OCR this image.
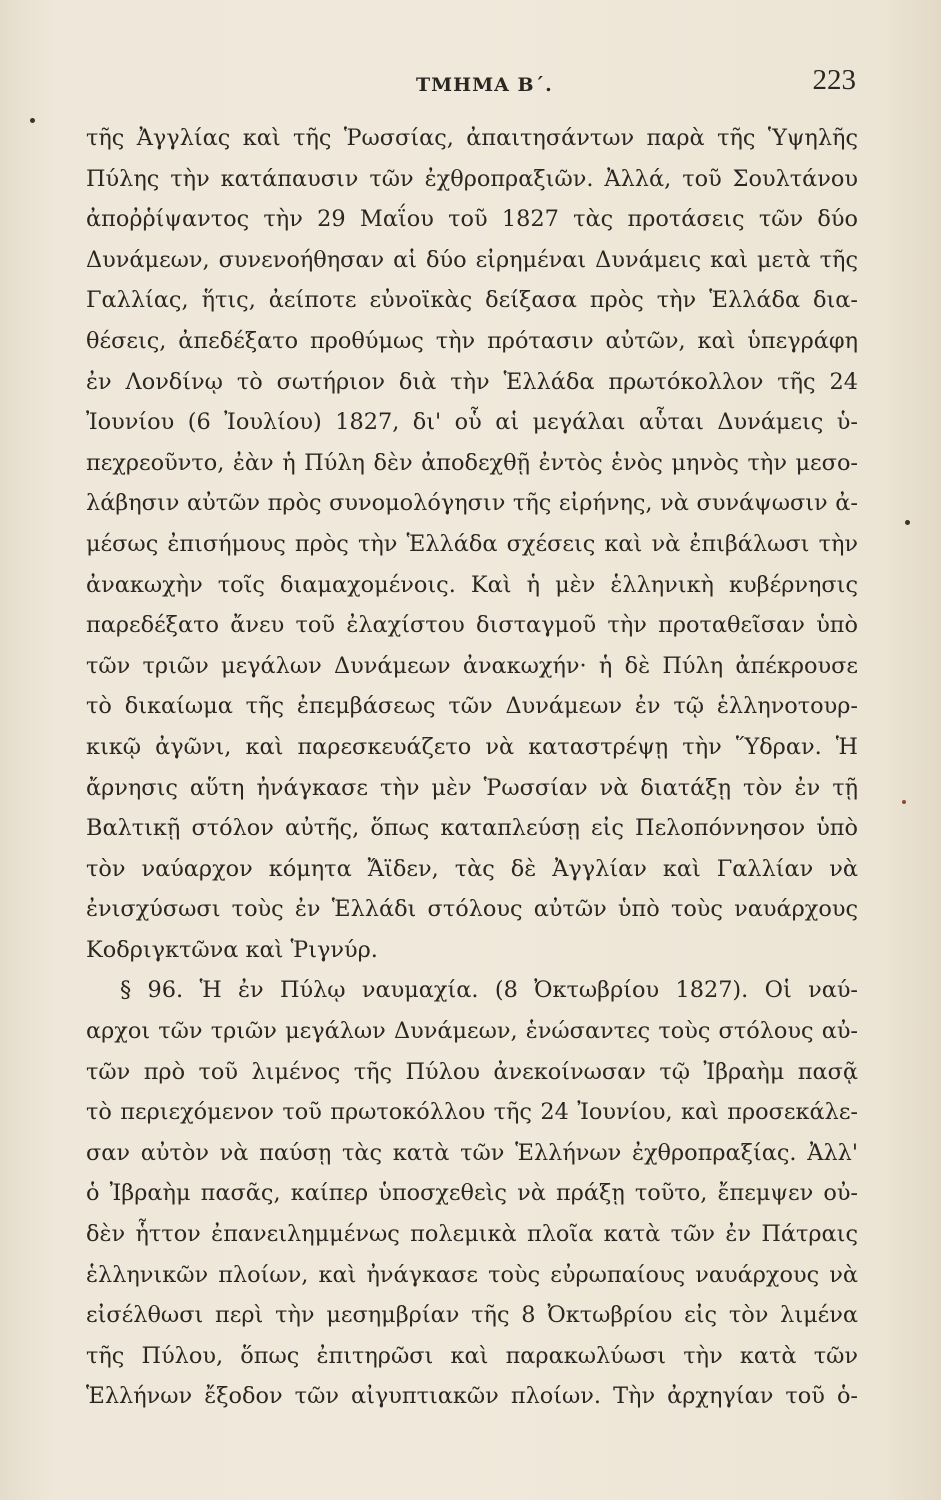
ΤΜΗΜΑ Β΄.	223
τῆς Ἀγγλίας καὶ τῆς Ῥωσσίας, ἀπαιτησάντων παρὰ τῆς Ὑψηλῆς
Πύλης τὴν κατάπαυσιν τῶν ἐχθροπραξιῶν. Ἀλλά, τοῦ Σουλτάνου
ἀποῤῥίψαντος τὴν 29 Μαΐου τοῦ 1827 τὰς προτάσεις τῶν δύο
Δυνάμεων, συνενοήθησαν αἱ δύο εἰρημέναι Δυνάμεις καὶ μετὰ τῆς
Γαλλίας, ἥτις, ἀείποτε εὐνοϊκὰς δείξασα πρὸς τὴν Ἑλλάδα δια-
θέσεις, ἀπεδέξατο προθύμως τὴν πρότασιν αὐτῶν, καὶ ὑπεγράφη
ἐν Λονδίνῳ τὸ σωτήριον διὰ τὴν Ἑλλάδα πρωτόκολλον τῆς 24
Ἰουνίου (6 Ἰουλίου) 1827, δι' οὗ αἱ μεγάλαι αὗται Δυνάμεις ὑ-
πεχρεοῦντο, ἐὰν ἡ Πύλη δὲν ἀποδεχθῇ ἐντὸς ἑνὸς μηνὸς τὴν μεσο-
λάβησιν αὐτῶν πρὸς συνομολόγησιν τῆς εἰρήνης, νὰ συνάψωσιν ἀ-
μέσως ἐπισήμους πρὸς τὴν Ἑλλάδα σχέσεις καὶ νὰ ἐπιβάλωσι τὴν
ἀνακωχὴν τοῖς διαμαχομένοις. Καὶ ἡ μὲν ἑλληνικὴ κυβέρνησις
παρεδέξατο ἄνευ τοῦ ἐλαχίστου δισταγμοῦ τὴν προταθεῖσαν ὑπὸ
τῶν τριῶν μεγάλων Δυνάμεων ἀνακωχήν· ἡ δὲ Πύλη ἀπέκρουσε
τὸ δικαίωμα τῆς ἐπεμβάσεως τῶν Δυνάμεων ἐν τῷ ἑλληνοτουρ-
κικῷ ἀγῶνι, καὶ παρεσκευάζετο νὰ καταστρέψῃ τὴν Ὕδραν. Ἡ
ἄρνησις αὕτη ἠνάγκασε τὴν μὲν Ῥωσσίαν νὰ διατάξῃ τὸν ἐν τῇ
Βαλτικῇ στόλον αὐτῆς, ὅπως καταπλεύσῃ εἰς Πελοπόννησον ὑπὸ
τὸν ναύαρχον κόμητα Ἄϊδεν, τὰς δὲ Ἀγγλίαν καὶ Γαλλίαν νὰ
ἐνισχύσωσι τοὺς ἐν Ἑλλάδι στόλους αὐτῶν ὑπὸ τοὺς ναυάρχους
Κοδριγκτῶνα καὶ Ῥιγνύρ.
§ 96. Ἡ ἐν Πύλῳ ναυμαχία. (8 Ὀκτωβρίου 1827). Οἱ ναύ-
αρχοι τῶν τριῶν μεγάλων Δυνάμεων, ἑνώσαντες τοὺς στόλους αὐ-
τῶν πρὸ τοῦ λιμένος τῆς Πύλου ἀνεκοίνωσαν τῷ Ἰβραὴμ πασᾷ
τὸ περιεχόμενον τοῦ πρωτοκόλλου τῆς 24 Ἰουνίου, καὶ προσεκάλε-
σαν αὐτὸν νὰ παύσῃ τὰς κατὰ τῶν Ἑλλήνων ἐχθροπραξίας. Ἀλλ'
ὁ Ἰβραὴμ πασᾶς, καίπερ ὑποσχεθεὶς νὰ πράξῃ τοῦτο, ἔπεμψεν οὐ-
δὲν ἧττον ἐπανειλημμένως πολεμικὰ πλοῖα κατὰ τῶν ἐν Πάτραις
ἑλληνικῶν πλοίων, καὶ ἠνάγκασε τοὺς εὐρωπαίους ναυάρχους νὰ
εἰσέλθωσι περὶ τὴν μεσημβρίαν τῆς 8 Ὀκτωβρίου εἰς τὸν λιμένα
τῆς Πύλου, ὅπως ἐπιτηρῶσι καὶ παρακωλύωσι τὴν κατὰ τῶν
Ἑλλήνων ἔξοδον τῶν αἰγυπτιακῶν πλοίων. Τὴν ἀρχηγίαν τοῦ ὁ-
